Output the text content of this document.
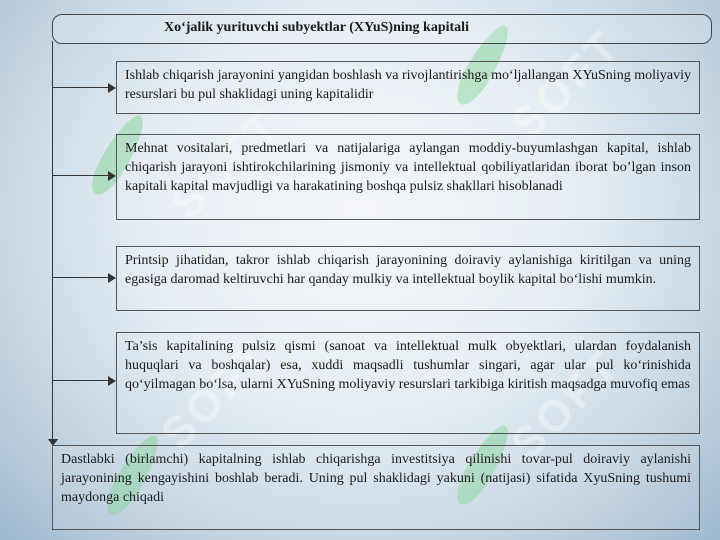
SOFT
SOFT	SOFT
SOFT
Xo‘jalik yurituvchi subyektlar (XYuS)ning kapitali
Ishlab chiqarish jarayonini yangidan boshlash va rivojlantirishga mo‘ljallangan XYuSning moliyaviy resurslari bu pul shaklidagi uning kapitalidir
Mehnat vositalari, predmetlari va natijalariga aylangan moddiy-buyumlashgan kapital, ishlab chiqarish jarayoni ishtirokchilarining jismoniy va intellektual qobiliyatlaridan iborat bo’lgan inson kapitali kapital mavjudligi va harakatining boshqa pulsiz shakllari hisoblanadi
Printsip jihatidan, takror ishlab chiqarish jarayonining doiraviy aylanishiga kiritilgan va uning egasiga daromad keltiruvchi har qanday mulkiy va intellektual boylik kapital bo‘lishi mumkin.
Ta’sis kapitalining pulsiz qismi (sanoat va intellektual mulk obyektlari, ulardan foydalanish huquqlari va boshqalar) esa, xuddi maqsadli tushumlar singari, agar ular pul ko‘rinishida qo‘yilmagan bo‘lsa, ularni XYuSning moliyaviy resurslari tarkibiga kiritish maqsadga muvofiq emas
Dastlabki (birlamchi) kapitalning ishlab chiqarishga investitsiya qilinishi tovar-pul doiraviy aylanishi jarayonining kengayishini boshlab beradi. Uning pul shaklidagi yakuni (natijasi) sifatida XyuSning tushumi maydonga chiqadi
